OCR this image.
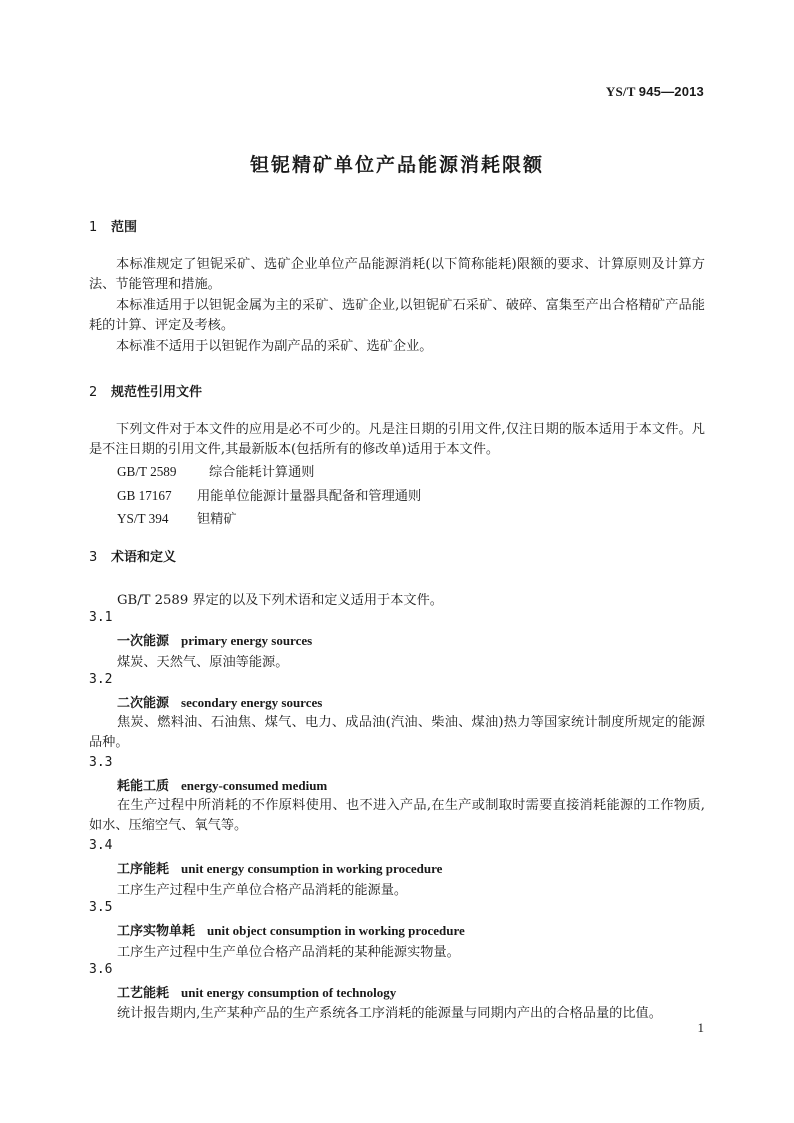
YS/T 945—2013
钽铌精矿单位产品能源消耗限额
1 范围
本标准规定了钽铌采矿、选矿企业单位产品能源消耗(以下简称能耗)限额的要求、计算原则及计算方法、节能管理和措施。
本标准适用于以钽铌金属为主的采矿、选矿企业,以钽铌矿石采矿、破碎、富集至产出合格精矿产品能耗的计算、评定及考核。
本标准不适用于以钽铌作为副产品的采矿、选矿企业。
2 规范性引用文件
下列文件对于本文件的应用是必不可少的。凡是注日期的引用文件,仅注日期的版本适用于本文件。凡是不注日期的引用文件,其最新版本(包括所有的修改单)适用于本文件。
GB/T 2589 综合能耗计算通则
GB 17167 用能单位能源计量器具配备和管理通则
YS/T 394 钽精矿
3 术语和定义
GB/T 2589 界定的以及下列术语和定义适用于本文件。
3.1
一次能源 primary energy sources
煤炭、天然气、原油等能源。
3.2
二次能源 secondary energy sources
焦炭、燃料油、石油焦、煤气、电力、成品油(汽油、柴油、煤油)热力等国家统计制度所规定的能源品种。
3.3
耗能工质 energy-consumed medium
在生产过程中所消耗的不作原料使用、也不进入产品,在生产或制取时需要直接消耗能源的工作物质,如水、压缩空气、氧气等。
3.4
工序能耗 unit energy consumption in working procedure
工序生产过程中生产单位合格产品消耗的能源量。
3.5
工序实物单耗 unit object consumption in working procedure
工序生产过程中生产单位合格产品消耗的某种能源实物量。
3.6
工艺能耗 unit energy consumption of technology
统计报告期内,生产某种产品的生产系统各工序消耗的能源量与同期内产出的合格品量的比值。
1
